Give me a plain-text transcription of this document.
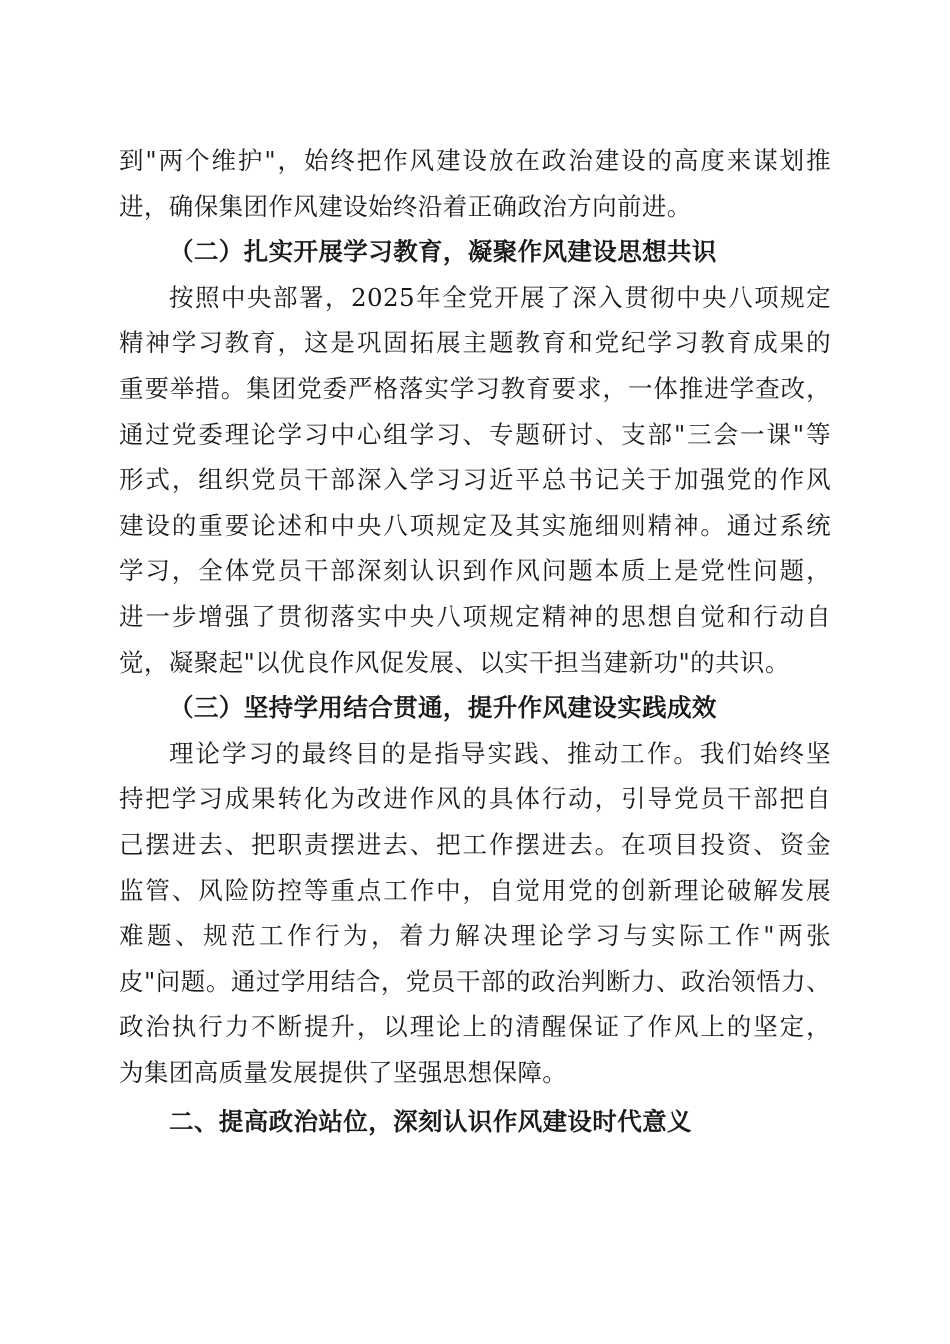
到"两个维护"，始终把作风建设放在政治建设的高度来谋划推
进，确保集团作风建设始终沿着正确政治方向前进。
（二）扎实开展学习教育，凝聚作风建设思想共识
按照中央部署，2025年全党开展了深入贯彻中央八项规定
精神学习教育，这是巩固拓展主题教育和党纪学习教育成果的
重要举措。集团党委严格落实学习教育要求，一体推进学查改，
通过党委理论学习中心组学习、专题研讨、支部"三会一课"等
形式，组织党员干部深入学习习近平总书记关于加强党的作风
建设的重要论述和中央八项规定及其实施细则精神。通过系统
学习，全体党员干部深刻认识到作风问题本质上是党性问题，
进一步增强了贯彻落实中央八项规定精神的思想自觉和行动自
觉，凝聚起"以优良作风促发展、以实干担当建新功"的共识。
（三）坚持学用结合贯通，提升作风建设实践成效
理论学习的最终目的是指导实践、推动工作。我们始终坚
持把学习成果转化为改进作风的具体行动，引导党员干部把自
己摆进去、把职责摆进去、把工作摆进去。在项目投资、资金
监管、风险防控等重点工作中，自觉用党的创新理论破解发展
难题、规范工作行为，着力解决理论学习与实际工作"两张
皮"问题。通过学用结合，党员干部的政治判断力、政治领悟力、
政治执行力不断提升，以理论上的清醒保证了作风上的坚定，
为集团高质量发展提供了坚强思想保障。
二、提高政治站位，深刻认识作风建设时代意义
